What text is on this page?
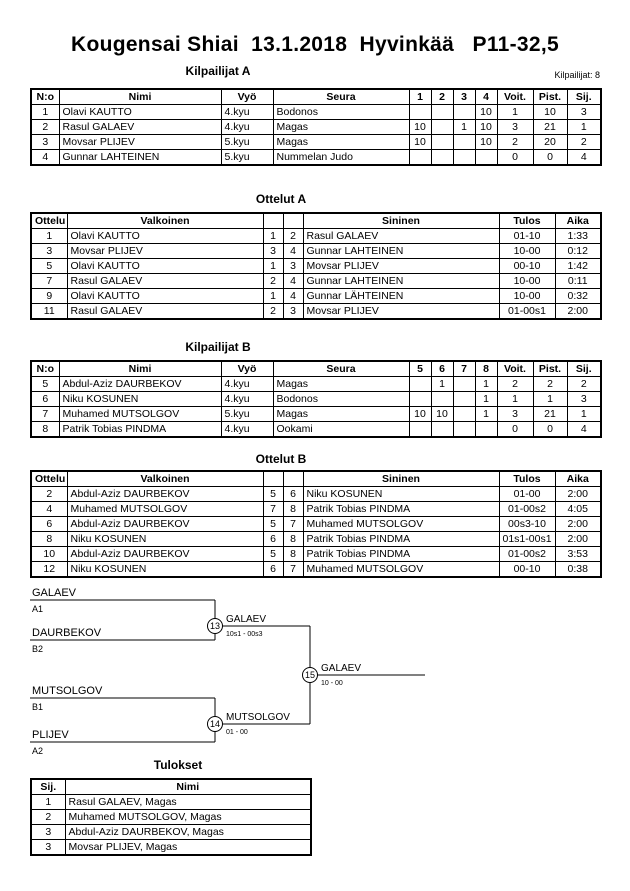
Kougensai Shiai  13.1.2018  Hyvinkää   P11-32,5
Kilpailijat: 8
Kilpailijat A
N:o	Nimi	Vyö	Seura	1	2	3	4	Voit.	Pist.	Sij.
1	Olavi KAUTTO	4.kyu	Bodonos				10	1	10	3
2	Rasul GALAEV	4.kyu	Magas	10		1	10	3	21	1
3	Movsar PLIJEV	5.kyu	Magas	10			10	2	20	2
4	Gunnar LAHTEINEN	5.kyu	Nummelan Judo					0	0	4
Ottelut A
Ottelu	Valkoinen			Sininen	Tulos	Aika
1	Olavi KAUTTO	1	2	Rasul GALAEV	01-10	1:33
3	Movsar PLIJEV	3	4	Gunnar LAHTEINEN	10-00	0:12
5	Olavi KAUTTO	1	3	Movsar PLIJEV	00-10	1:42
7	Rasul GALAEV	2	4	Gunnar LAHTEINEN	10-00	0:11
9	Olavi KAUTTO	1	4	Gunnar LÄHTEINEN	10-00	0:32
11	Rasul GALAEV	2	3	Movsar PLIJEV	01-00s1	2:00
Kilpailijat B
N:o	Nimi	Vyö	Seura	5	6	7	8	Voit.	Pist.	Sij.
5	Abdul-Aziz DAURBEKOV	4.kyu	Magas		1		1	2	2	2
6	Niku KOSUNEN	4.kyu	Bodonos				1	1	1	3
7	Muhamed MUTSOLGOV	5.kyu	Magas	10	10		1	3	21	1
8	Patrik Tobias PINDMA	4.kyu	Ookami					0	0	4
Ottelut B
Ottelu	Valkoinen			Sininen	Tulos	Aika
2	Abdul-Aziz DAURBEKOV	5	6	Niku KOSUNEN	01-00	2:00
4	Muhamed MUTSOLGOV	7	8	Patrik Tobias PINDMA	01-00s2	4:05
6	Abdul-Aziz DAURBEKOV	5	7	Muhamed MUTSOLGOV	00s3-10	2:00
8	Niku KOSUNEN	6	8	Patrik Tobias PINDMA	01s1-00s1	2:00
10	Abdul-Aziz DAURBEKOV	5	8	Patrik Tobias PINDMA	01-00s2	3:53
12	Niku KOSUNEN	6	7	Muhamed MUTSOLGOV	00-10	0:38
GALAEV
A1
DAURBEKOV
B2
13
GALAEV
10s1 - 00s3
MUTSOLGOV
B1
PLIJEV
A2
14
MUTSOLGOV
01 - 00
15
GALAEV
10 - 00
Tulokset
Sij.	Nimi
1	Rasul GALAEV, Magas
2	Muhamed MUTSOLGOV, Magas
3	Abdul-Aziz DAURBEKOV, Magas
3	Movsar PLIJEV, Magas
